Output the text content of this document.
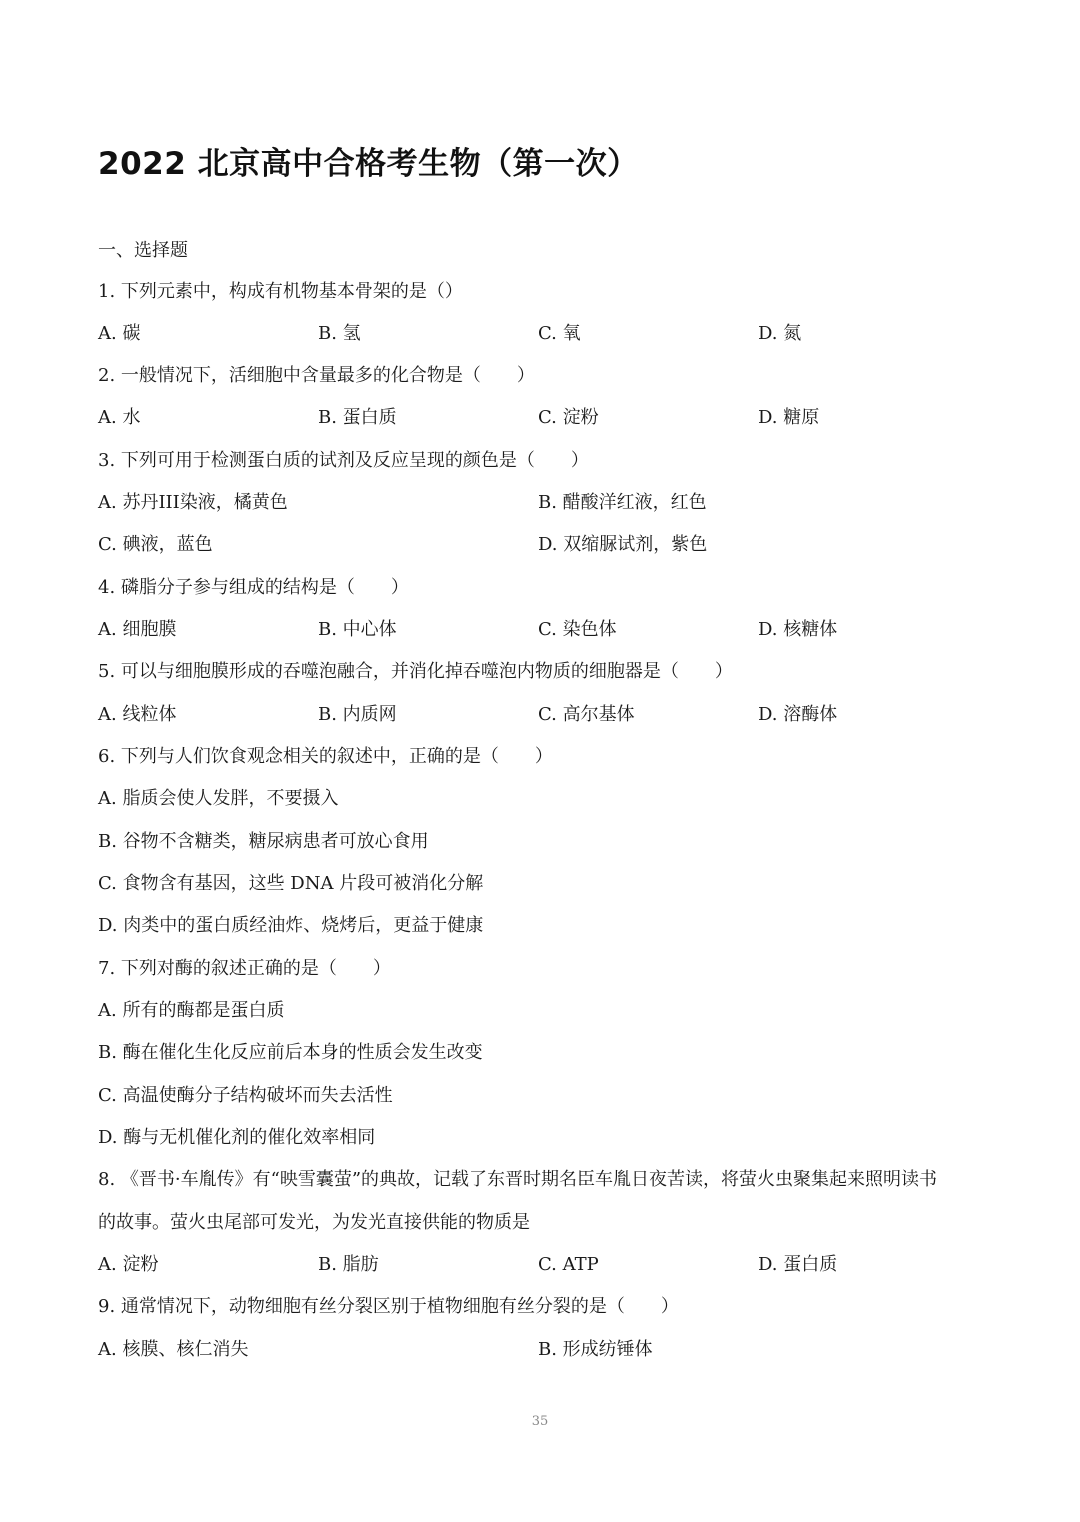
2022 北京高中合格考生物（第一次）
一、选择题
1. 下列元素中，构成有机物基本骨架的是（）
A. 碳	B. 氢	C. 氧	D. 氮
2. 一般情况下，活细胞中含量最多的化合物是（　　）
A. 水	B. 蛋白质	C. 淀粉	D. 糖原
3. 下列可用于检测蛋白质的试剂及反应呈现的颜色是（　　）
A. 苏丹III染液，橘黄色	B. 醋酸洋红液，红色
C. 碘液，蓝色	D. 双缩脲试剂，紫色
4. 磷脂分子参与组成的结构是（　　）
A. 细胞膜	B. 中心体	C. 染色体	D. 核糖体
5. 可以与细胞膜形成的吞噬泡融合，并消化掉吞噬泡内物质的细胞器是（　　）
A. 线粒体	B. 内质网	C. 高尔基体	D. 溶酶体
6. 下列与人们饮食观念相关的叙述中，正确的是（　　）
A. 脂质会使人发胖，不要摄入
B. 谷物不含糖类，糖尿病患者可放心食用
C. 食物含有基因，这些 DNA 片段可被消化分解
D. 肉类中的蛋白质经油炸、烧烤后，更益于健康
7. 下列对酶的叙述正确的是（　　）
A. 所有的酶都是蛋白质
B. 酶在催化生化反应前后本身的性质会发生改变
C. 高温使酶分子结构破坏而失去活性
D. 酶与无机催化剂的催化效率相同
8. 《晋书·车胤传》有“映雪囊萤”的典故，记载了东晋时期名臣车胤日夜苦读，将萤火虫聚集起来照明读书
的故事。萤火虫尾部可发光，为发光直接供能的物质是
A. 淀粉	B. 脂肪	C. ATP	D. 蛋白质
9. 通常情况下，动物细胞有丝分裂区别于植物细胞有丝分裂的是（　　）
A. 核膜、核仁消失	B. 形成纺锤体
35
